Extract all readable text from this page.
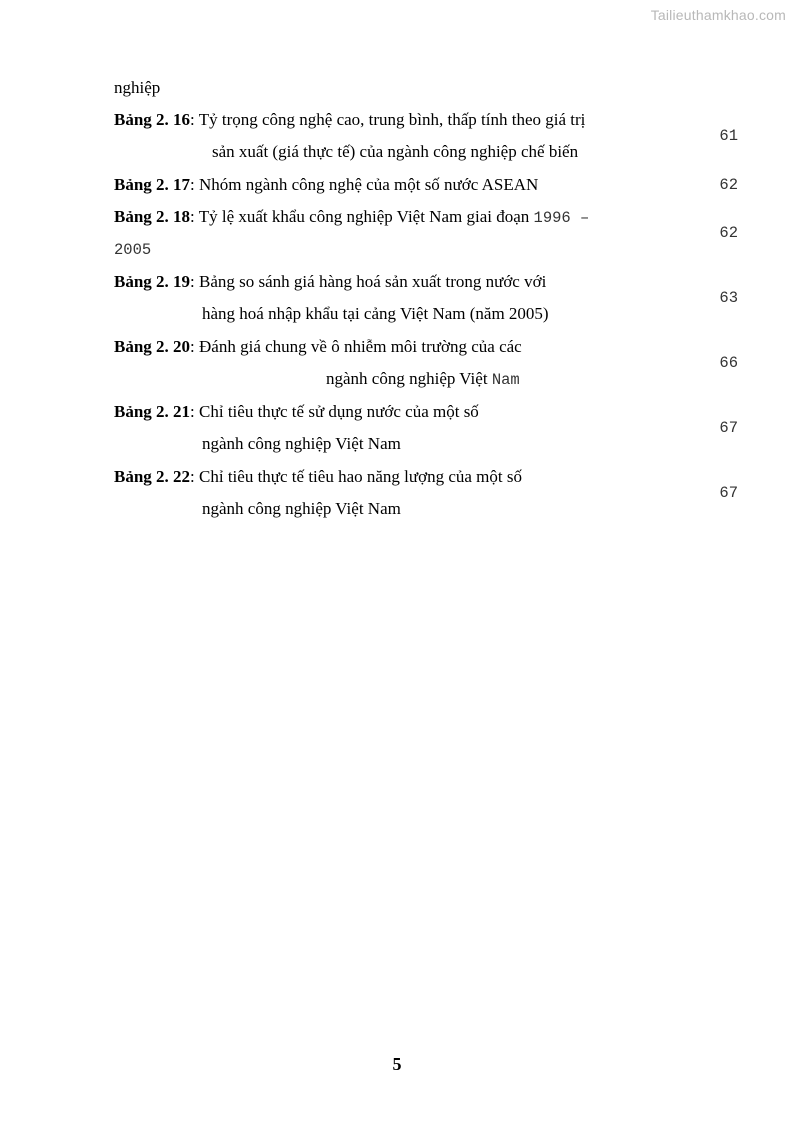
Tailieuthamkhao.com
nghiệp
Bảng 2. 16: Tỷ trọng công nghệ cao, trung bình, thấp tính theo giá trị
sản xuất (giá thực tế) của ngành công nghiệp chế biến
61
Bảng 2. 17: Nhóm ngành công nghệ của một số nước ASEAN	62
Bảng 2. 18: Tỷ lệ xuất khẩu công nghiệp Việt Nam giai đoạn 1996 –
2005
62
Bảng 2. 19: Bảng so sánh giá hàng hoá sản xuất trong nước với
hàng hoá nhập khẩu tại cảng Việt Nam (năm 2005)
63
Bảng 2. 20: Đánh giá chung về ô nhiễm môi trường của các
ngành công nghiệp Việt Nam
66
Bảng 2. 21: Chỉ tiêu thực tế sử dụng nước của một số
ngành công nghiệp Việt Nam
67
Bảng 2. 22: Chỉ tiêu thực tế tiêu hao năng lượng của một số
ngành công nghiệp Việt Nam
67
5
